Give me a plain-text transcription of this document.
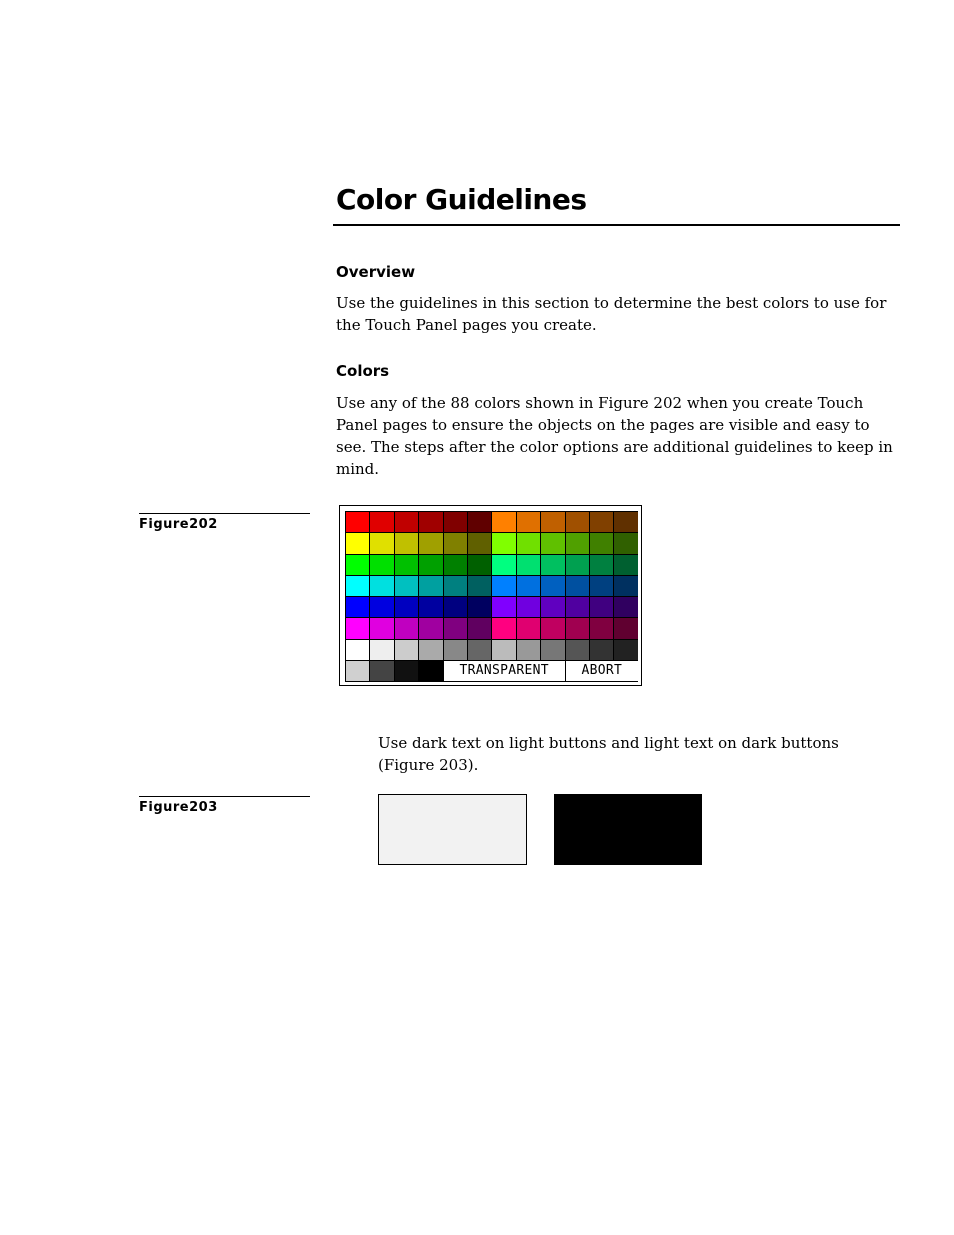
Color Guidelines
Overview

Use the guidelines in this section to determine the best colors to use for the Touch Panel pages you create.

Colors

Use any of the 88 colors shown in Figure 202 when you create Touch Panel pages to ensure the objects on the pages are visible and easy to see. The steps after the color options are additional guidelines to keep in mind.

Figure202
TRANSPARENT	ABORT

Use dark text on light buttons and light text on dark buttons (Figure 203).

Figure203
